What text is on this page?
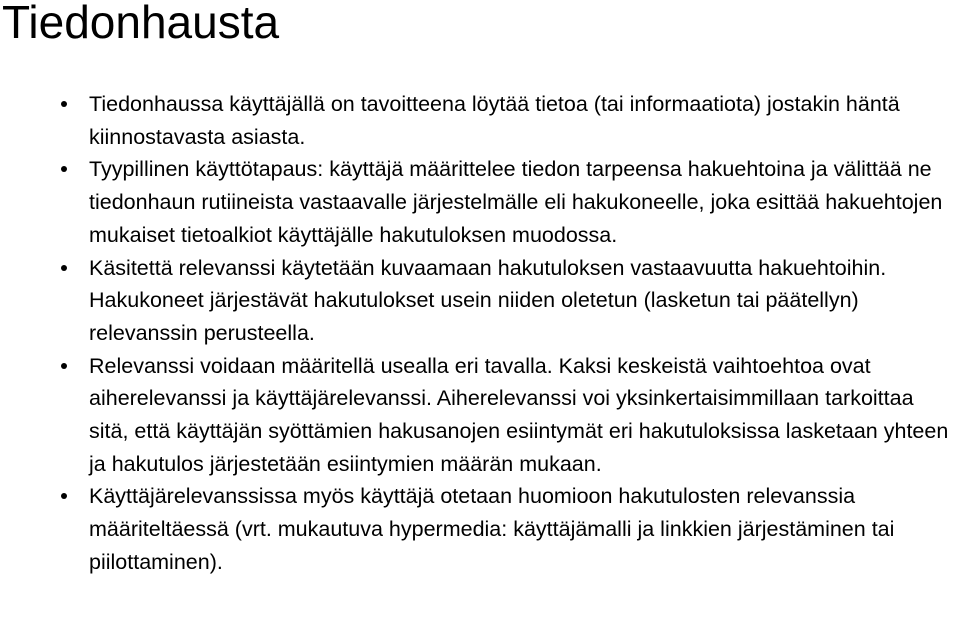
Tiedonhausta
Tiedonhaussa käyttäjällä on tavoitteena löytää tietoa (tai informaatiota) jostakin häntä kiinnostavasta asiasta.
Tyypillinen käyttötapaus: käyttäjä määrittelee tiedon tarpeensa hakuehtoina ja välittää ne tiedonhaun rutiineista vastaavalle järjestelmälle eli hakukoneelle, joka esittää hakuehtojen mukaiset tietoalkiot käyttäjälle hakutuloksen muodossa.
Käsitettä relevanssi käytetään kuvaamaan hakutuloksen vastaavuutta hakuehtoihin. Hakukoneet järjestävät hakutulokset usein niiden oletetun (lasketun tai päätellyn) relevanssin perusteella.
Relevanssi voidaan määritellä usealla eri tavalla. Kaksi keskeistä vaihtoehtoa ovat aiherelevanssi ja käyttäjärelevanssi. Aiherelevanssi voi yksinkertaisimmillaan tarkoittaa sitä, että käyttäjän syöttämien hakusanojen esiintymät eri hakutuloksissa lasketaan yhteen ja hakutulos järjestetään esiintymien määrän mukaan.
Käyttäjärelevanssissa myös käyttäjä otetaan huomioon hakutulosten relevanssia määriteltäessä (vrt. mukautuva hypermedia: käyttäjämalli ja linkkien järjestäminen tai piilottaminen).
